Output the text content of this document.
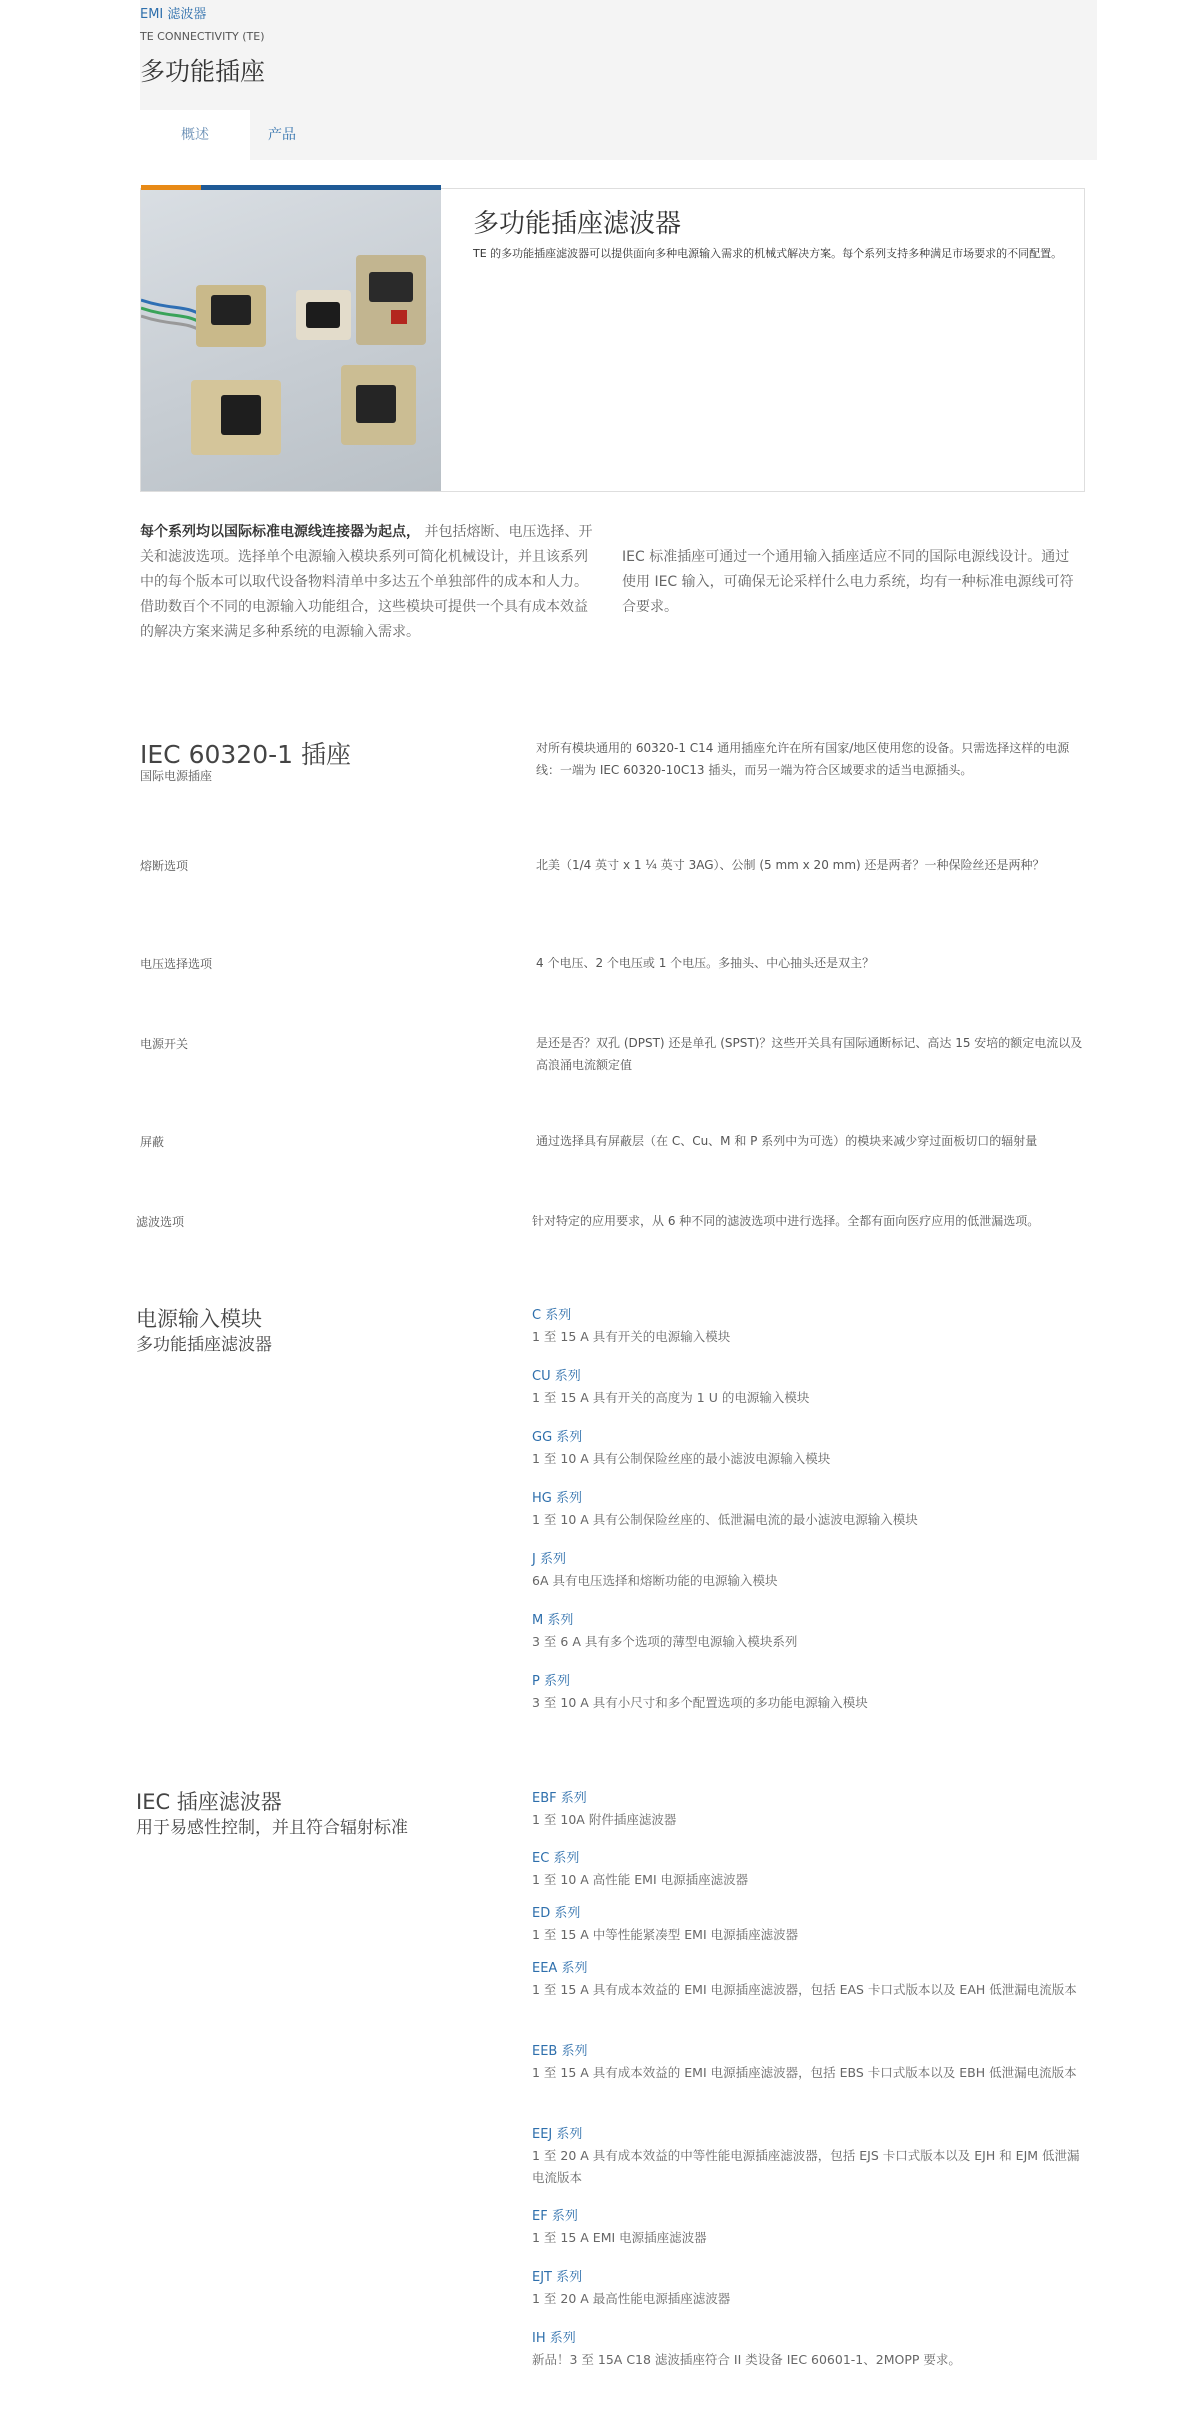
EMI 滤波器
TE CONNECTIVITY (TE)
多功能插座
概述	产品
多功能插座滤波器
TE 的多功能插座滤波器可以提供面向多种电源输入需求的机械式解决方案。每个系列支持多种满足市场要求的不同配置。
每个系列均以国际标准电源线连接器为起点， 并包括熔断、电压选择、开关和滤波选项。选择单个电源输入模块系列可简化机械设计，并且该系列中的每个版本可以取代设备物料清单中多达五个单独部件的成本和人力。借助数百个不同的电源输入功能组合，这些模块可提供一个具有成本效益的解决方案来满足多种系统的电源输入需求。
IEC 标准插座可通过一个通用输入插座适应不同的国际电源线设计。通过使用 IEC 输入，可确保无论采样什么电力系统，均有一种标准电源线可符合要求。
IEC 60320-1 插座
国际电源插座
对所有模块通用的 60320-1 C14 通用插座允许在所有国家/地区使用您的设备。只需选择这样的电源线：一端为 IEC 60320-10C13 插头，而另一端为符合区域要求的适当电源插头。
熔断选项	北美（1/4 英寸 x 1 ¼ 英寸 3AG）、公制 (5 mm x 20 mm) 还是两者？一种保险丝还是两种？
电压选择选项	4 个电压、2 个电压或 1 个电压。多抽头、中心抽头还是双主？
电源开关	是还是否？双孔 (DPST) 还是单孔 (SPST)？这些开关具有国际通断标记、高达 15 安培的额定电流以及高浪涌电流额定值
屏蔽	通过选择具有屏蔽层（在 C、Cu、M 和 P 系列中为可选）的模块来减少穿过面板切口的辐射量
滤波选项	针对特定的应用要求，从 6 种不同的滤波选项中进行选择。全都有面向医疗应用的低泄漏选项。
电源输入模块
多功能插座滤波器
C 系列
1 至 15 A 具有开关的电源输入模块
CU 系列
1 至 15 A 具有开关的高度为 1 U 的电源输入模块
GG 系列
1 至 10 A 具有公制保险丝座的最小滤波电源输入模块
HG 系列
1 至 10 A 具有公制保险丝座的、低泄漏电流的最小滤波电源输入模块
J 系列
6A 具有电压选择和熔断功能的电源输入模块
M 系列
3 至 6 A 具有多个选项的薄型电源输入模块系列
P 系列
3 至 10 A 具有小尺寸和多个配置选项的多功能电源输入模块
IEC 插座滤波器
用于易感性控制，并且符合辐射标准
EBF 系列
1 至 10A 附件插座滤波器
EC 系列
1 至 10 A 高性能 EMI 电源插座滤波器
ED 系列
1 至 15 A 中等性能紧凑型 EMI 电源插座滤波器
EEA 系列
1 至 15 A 具有成本效益的 EMI 电源插座滤波器，包括 EAS 卡口式版本以及 EAH 低泄漏电流版本
EEB 系列
1 至 15 A 具有成本效益的 EMI 电源插座滤波器，包括 EBS 卡口式版本以及 EBH 低泄漏电流版本
EEJ 系列
1 至 20 A 具有成本效益的中等性能电源插座滤波器，包括 EJS 卡口式版本以及 EJH 和 EJM 低泄漏电流版本
EF 系列
1 至 15 A EMI 电源插座滤波器
EJT 系列
1 至 20 A 最高性能电源插座滤波器
IH 系列
新品！3 至 15A C18 滤波插座符合 II 类设备 IEC 60601-1、2MOPP 要求。
